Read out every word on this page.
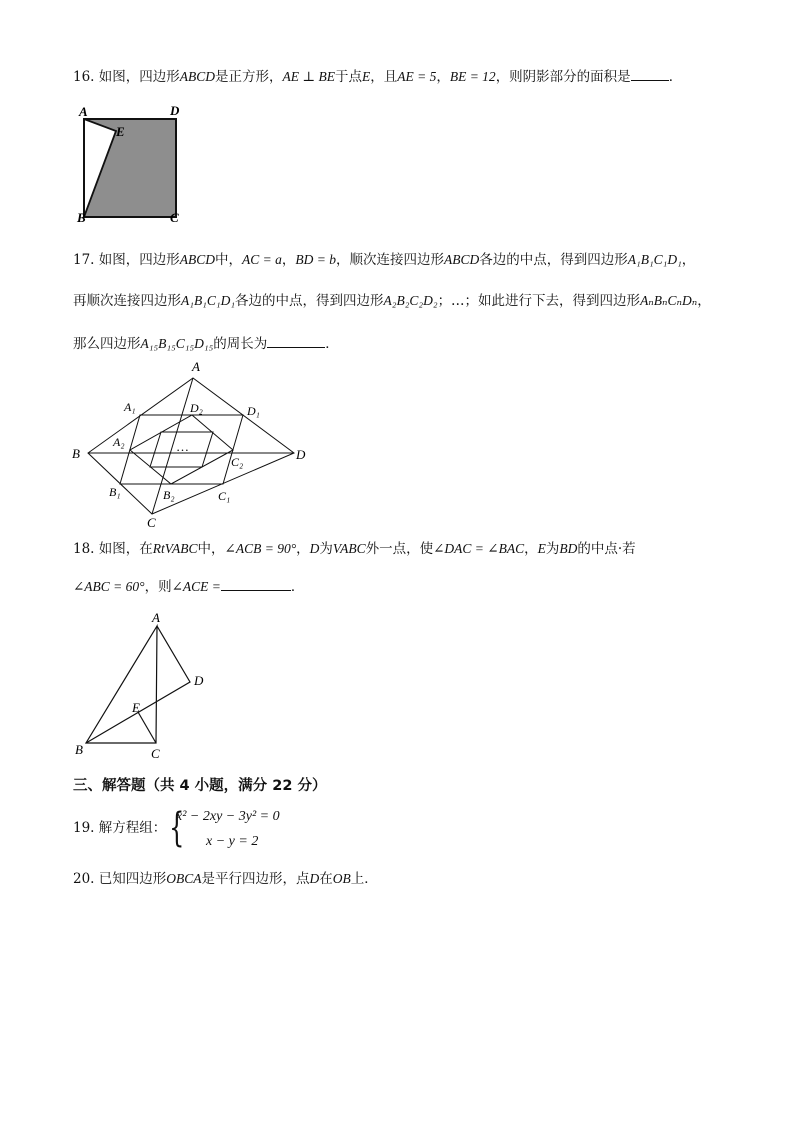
16. 如图，四边形ABCD是正方形，AE ⊥ BE于点E，且AE = 5，BE = 12，则阴影部分的面积是	．
A	D
E
B	C
17. 如图，四边形ABCD中，AC = a，BD = b，顺次连接四边形ABCD各边的中点，得到四边形A₁B₁C₁D₁，
再顺次连接四边形A₁B₁C₁D₁各边的中点，得到四边形A₂B₂C₂D₂；…；如此进行下去，得到四边形AₙBₙCₙDₙ，
那么四边形A₁₅B₁₅C₁₅D₁₅的周长为	．
A
B
C
D
A₁	D₁
B₁	C₁
A₂
D₂
B₂
C₂
…
18. 如图，在RtVABC中，∠ACB = 90°，D为VABC外一点，使∠DAC = ∠BAC，E为BD的中点·若
∠ABC = 60°，则∠ACE =	．
A
D
E
B	C
三、解答题（共 4 小题，满分 22 分）
19. 解方程组： {
x² − 2xy − 3y² = 0
x − y = 2
20. 已知四边形OBCA是平行四边形，点D在OB上．
